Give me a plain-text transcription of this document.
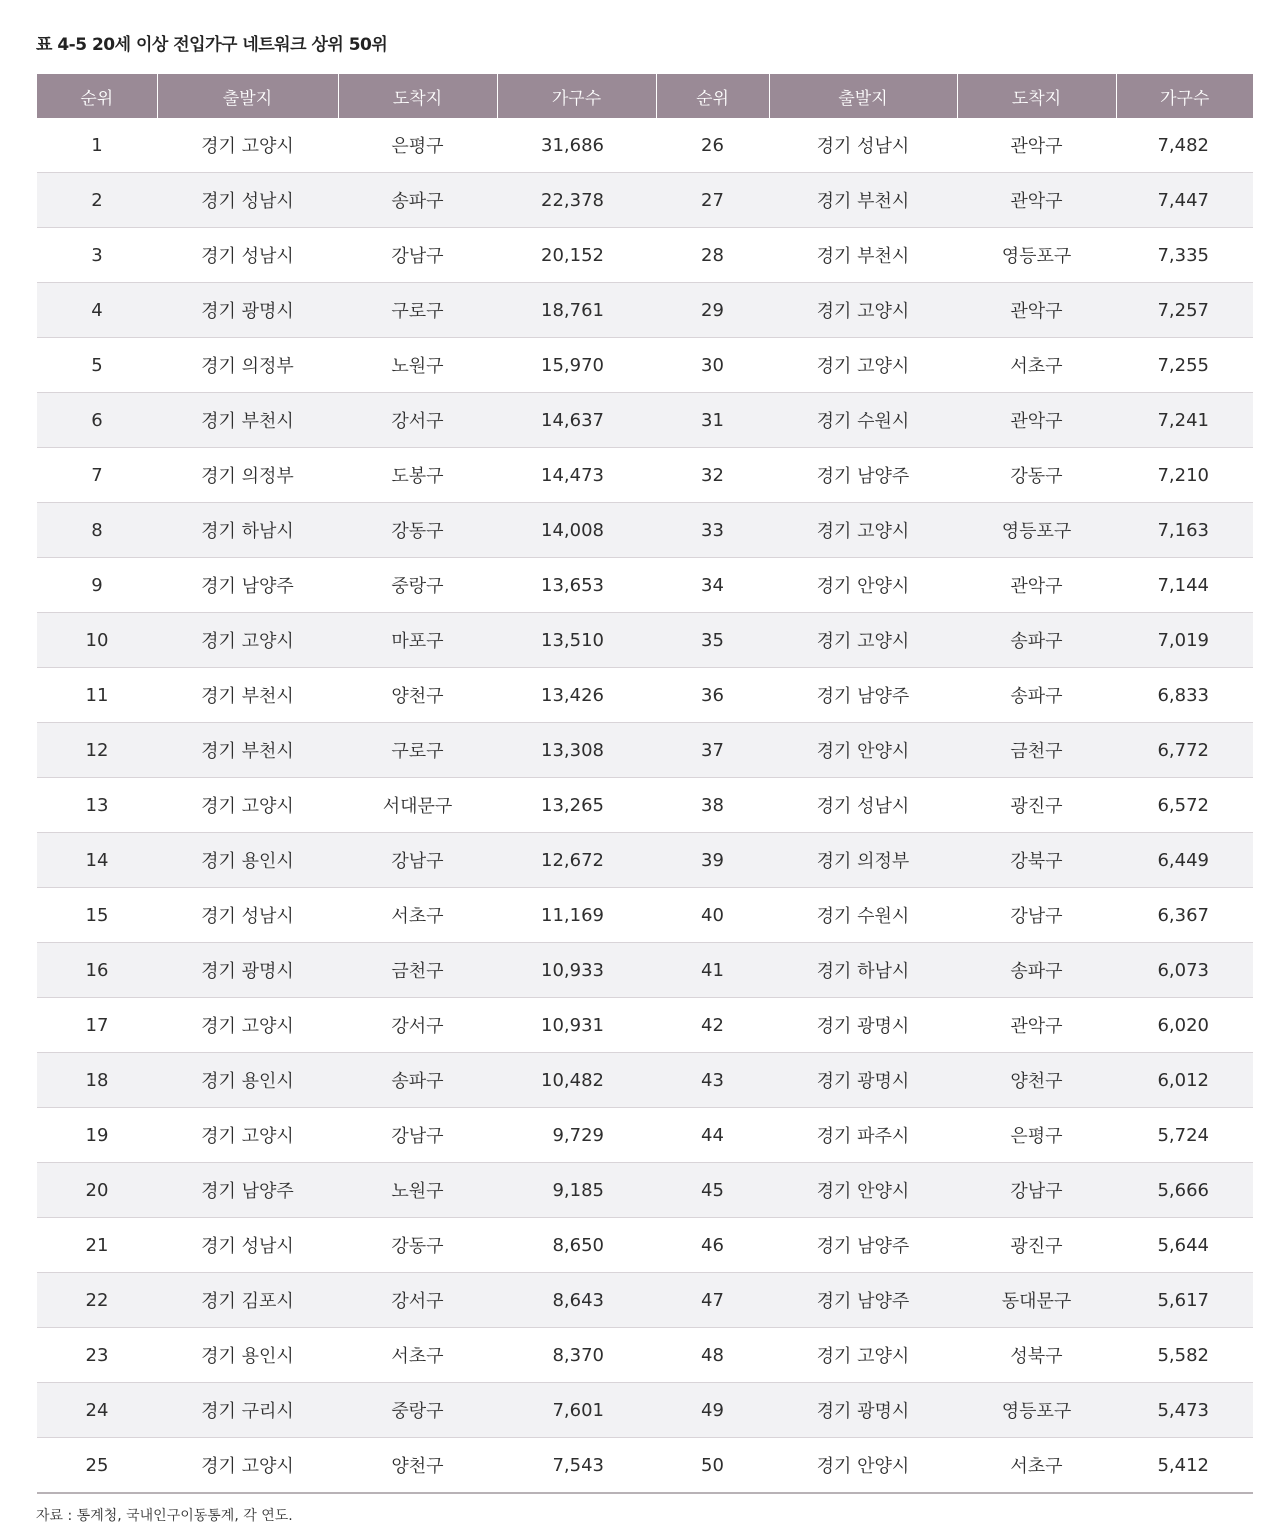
표 4-5 20세 이상 전입가구 네트워크 상위 50위
순위	출발지	도착지	가구수	순위	출발지	도착지	가구수
1	경기 고양시	은평구	31,686	26	경기 성남시	관악구	7,482
2	경기 성남시	송파구	22,378	27	경기 부천시	관악구	7,447
3	경기 성남시	강남구	20,152	28	경기 부천시	영등포구	7,335
4	경기 광명시	구로구	18,761	29	경기 고양시	관악구	7,257
5	경기 의정부	노원구	15,970	30	경기 고양시	서초구	7,255
6	경기 부천시	강서구	14,637	31	경기 수원시	관악구	7,241
7	경기 의정부	도봉구	14,473	32	경기 남양주	강동구	7,210
8	경기 하남시	강동구	14,008	33	경기 고양시	영등포구	7,163
9	경기 남양주	중랑구	13,653	34	경기 안양시	관악구	7,144
10	경기 고양시	마포구	13,510	35	경기 고양시	송파구	7,019
11	경기 부천시	양천구	13,426	36	경기 남양주	송파구	6,833
12	경기 부천시	구로구	13,308	37	경기 안양시	금천구	6,772
13	경기 고양시	서대문구	13,265	38	경기 성남시	광진구	6,572
14	경기 용인시	강남구	12,672	39	경기 의정부	강북구	6,449
15	경기 성남시	서초구	11,169	40	경기 수원시	강남구	6,367
16	경기 광명시	금천구	10,933	41	경기 하남시	송파구	6,073
17	경기 고양시	강서구	10,931	42	경기 광명시	관악구	6,020
18	경기 용인시	송파구	10,482	43	경기 광명시	양천구	6,012
19	경기 고양시	강남구	9,729	44	경기 파주시	은평구	5,724
20	경기 남양주	노원구	9,185	45	경기 안양시	강남구	5,666
21	경기 성남시	강동구	8,650	46	경기 남양주	광진구	5,644
22	경기 김포시	강서구	8,643	47	경기 남양주	동대문구	5,617
23	경기 용인시	서초구	8,370	48	경기 고양시	성북구	5,582
24	경기 구리시	중랑구	7,601	49	경기 광명시	영등포구	5,473
25	경기 고양시	양천구	7,543	50	경기 안양시	서초구	5,412
자료 : 통계청, 국내인구이동통계, 각 연도.
